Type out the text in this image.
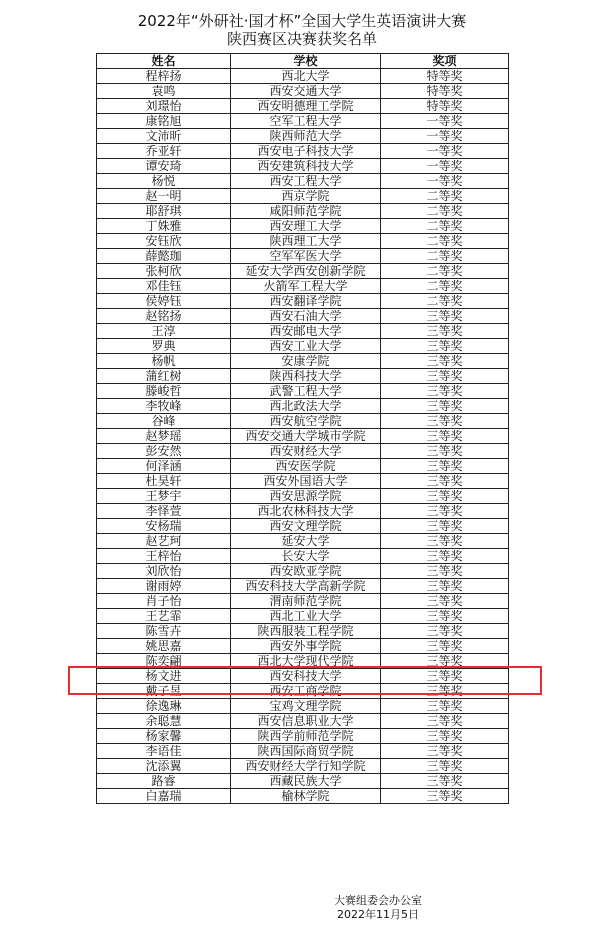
2022年“外研社·国才杯”全国大学生英语演讲大赛
陕西赛区决赛获奖名单
姓名	学校	奖项
程梓扬	西北大学	特等奖
袁鸣	西安交通大学	特等奖
刘璟怡	西安明德理工学院	特等奖
康铭旭	空军工程大学	一等奖
文沛昕	陕西师范大学	一等奖
乔亚轩	西安电子科技大学	一等奖
谭安琦	西安建筑科技大学	一等奖
杨悦	西安工程大学	一等奖
赵一明	西京学院	二等奖
耶舒琪	咸阳师范学院	二等奖
丁姝雅	西安理工大学	二等奖
安钰欣	陕西理工大学	二等奖
薛懿珈	空军军医大学	二等奖
张柯欣	延安大学西安创新学院	二等奖
邓佳钰	火箭军工程大学	二等奖
侯婷钰	西安翻译学院	二等奖
赵铭扬	西安石油大学	三等奖
王淳	西安邮电大学	三等奖
罗典	西安工业大学	三等奖
杨帆	安康学院	三等奖
蒲红树	陕西科技大学	三等奖
滕峻哲	武警工程大学	三等奖
李牧峰	西北政法大学	三等奖
谷峰	西安航空学院	三等奖
赵梦瑶	西安交通大学城市学院	三等奖
彭安然	西安财经大学	三等奖
何泽涵	西安医学院	三等奖
杜昊轩	西安外国语大学	三等奖
王梦宇	西安思源学院	三等奖
李怿萱	西北农林科技大学	三等奖
安杨瑞	西安文理学院	三等奖
赵艺珂	延安大学	三等奖
王梓怡	长安大学	三等奖
刘欣怡	西安欧亚学院	三等奖
谢雨婷	西安科技大学高新学院	三等奖
肖子怡	渭南师范学院	三等奖
王艺霏	西北工业大学	三等奖
陈雪卉	陕西服装工程学院	三等奖
姚思嘉	西安外事学院	三等奖
陈奕翩	西北大学现代学院	三等奖
杨文进	西安科技大学	三等奖
戴子昱	西安工商学院	三等奖
徐逸琳	宝鸡文理学院	三等奖
余聪慧	西安信息职业大学	三等奖
杨家馨	陕西学前师范学院	三等奖
李语佳	陕西国际商贸学院	三等奖
沈添翼	西安财经大学行知学院	三等奖
路睿	西藏民族大学	三等奖
白嘉瑞	榆林学院	三等奖
大赛组委会办公室
2022年11月5日
